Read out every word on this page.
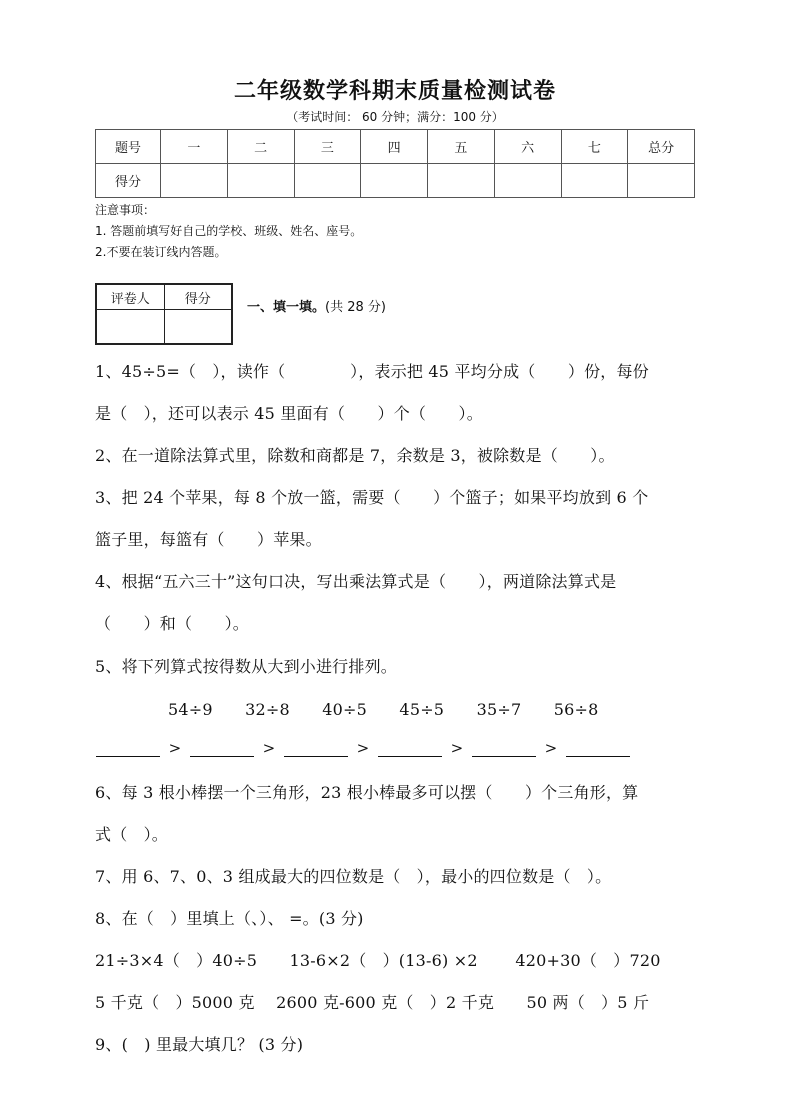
二年级数学科期末质量检测试卷
（考试时间： 60 分钟；满分：100 分）
题号	一	二	三	四	五	六	七	总分
得分								
注意事项：
1. 答题前填写好自己的学校、班级、姓名、座号。
2.不要在装订线内答题。
评卷人	得分

一、填一填。(共 28 分)
1、45÷5=（　），读作（　　　　），表示把 45 平均分成（　　）份，每份
是（　），还可以表示 45 里面有（　　）个（　　）。
2、在一道除法算式里，除数和商都是 7，余数是 3，被除数是（　　）。
3、把 24 个苹果，每 8 个放一篮，需要（　　）个篮子；如果平均放到 6 个
篮子里，每篮有（　　）苹果。
4、根据“五六三十”这句口决，写出乘法算式是（　　），两道除法算式是
（　　）和（　　）。
5、将下列算式按得数从大到小进行排列。
54÷9　　32÷8　　40÷5　　45÷5　　35÷7　　56÷8
>	>	>	>	>
6、每 3 根小棒摆一个三角形，23 根小棒最多可以摆（　　）个三角形，算
式（　）。
7、用 6、7、0、3 组成最大的四位数是（　），最小的四位数是（　）。
8、在（　）里填上（、）、 =。(3 分)
21÷3×4（　）40÷5　　13-6×2（　）(13-6) ×2　　 420+30（　）720
5 千克（　）5000 克　 2600 克-600 克（　）2 千克　　50 两（　）5 斤
9、(　) 里最大填几？ (3 分)
